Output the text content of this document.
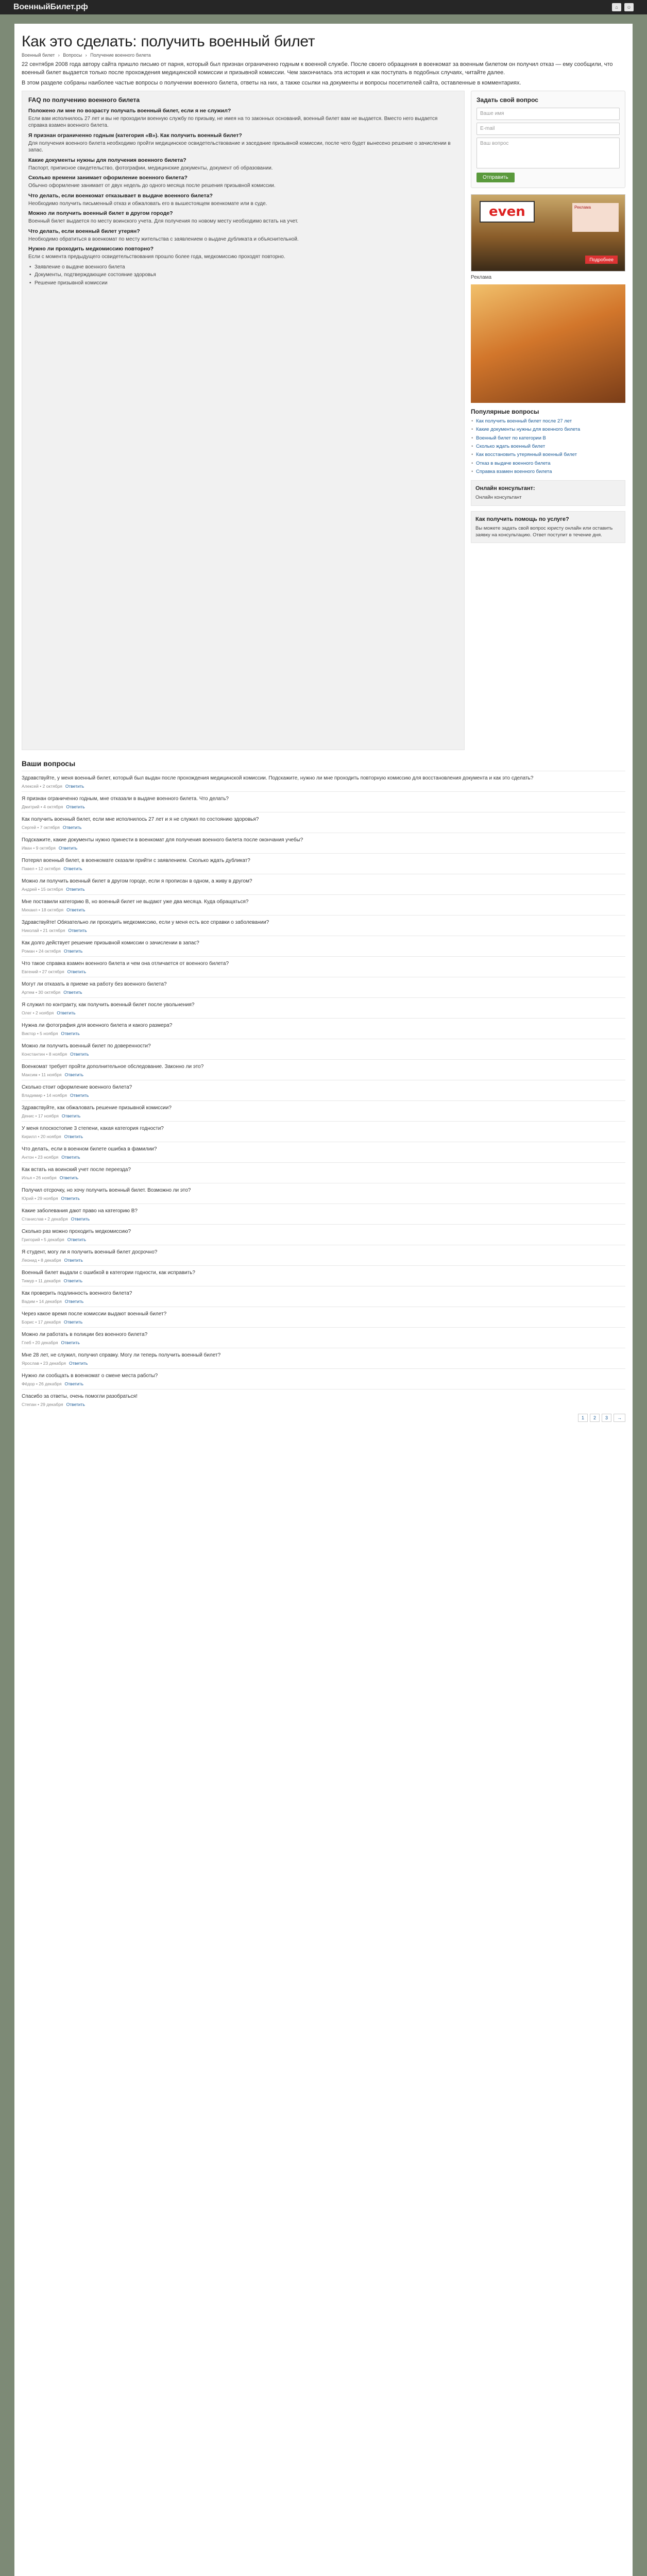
ВоенныйБилет.рф	⌂	☺
Как это сделать: получить военный билет
Военный билет › Вопросы › Получение военного билета

22 сентября 2008 года автору сайта пришло письмо от парня, который был признан ограниченно годным к военной службе. После своего обращения в военкомат за военным билетом он получил отказ — ему сообщили, что военный билет выдается только после прохождения медицинской комиссии и призывной комиссии. Чем закончилась эта история и как поступать в подобных случаях, читайте далее.

В этом разделе собраны наиболее частые вопросы о получении военного билета, ответы на них, а также ссылки на документы и вопросы посетителей сайта, оставленные в комментариях.

FAQ по получению военного билета
Положено ли мне по возрасту получать военный билет, если я не служил?
Если вам исполнилось 27 лет и вы не проходили военную службу по призыву, не имея на то законных оснований, военный билет вам не выдается. Вместо него выдается справка взамен военного билета.
Я признан ограниченно годным (категория «В»). Как получить военный билет?
Для получения военного билета необходимо пройти медицинское освидетельствование и заседание призывной комиссии, после чего будет вынесено решение о зачислении в запас.
Какие документы нужны для получения военного билета?
Паспорт, приписное свидетельство, фотографии, медицинские документы, документ об образовании.
Сколько времени занимает оформление военного билета?
Обычно оформление занимает от двух недель до одного месяца после решения призывной комиссии.
Что делать, если военкомат отказывает в выдаче военного билета?
Необходимо получить письменный отказ и обжаловать его в вышестоящем военкомате или в суде.
Можно ли получить военный билет в другом городе?
Военный билет выдается по месту воинского учета. Для получения по новому месту необходимо встать на учет.
Что делать, если военный билет утерян?
Необходимо обратиться в военкомат по месту жительства с заявлением о выдаче дубликата и объяснительной.
Нужно ли проходить медкомиссию повторно?
Если с момента предыдущего освидетельствования прошло более года, медкомиссию проходят повторно.
• Заявление о выдаче военного билета
• Документы, подтверждающие состояние здоровья
• Решение призывной комиссии
Задать свой вопрос
Ваше имя
E-mail
Ваш вопрос
Отправить
even	Реклама
Подробнее
Реклама
Популярные вопросы
• Как получить военный билет после 27 лет
• Какие документы нужны для военного билета
• Военный билет по категории В
• Сколько ждать военный билет
• Как восстановить утерянный военный билет
• Отказ в выдаче военного билета
• Справка взамен военного билета
Онлайн консультант:
Онлайн консультант
Как получить помощь по услуге?
Вы можете задать свой вопрос юристу онлайн или оставить заявку на консультацию. Ответ поступит в течение дня.
Ваши вопросы
Здравствуйте, у меня военный билет, который был выдан после прохождения медицинской комиссии. Подскажите, нужно ли мне проходить повторную комиссию для восстановления документа и как это сделать?
Алексей • 2 октября Ответить
Я признан ограниченно годным, мне отказали в выдаче военного билета. Что делать?
Дмитрий • 4 октября Ответить
Как получить военный билет, если мне исполнилось 27 лет и я не служил по состоянию здоровья?
Сергей • 7 октября Ответить
Подскажите, какие документы нужно принести в военкомат для получения военного билета после окончания учебы?
Иван • 9 октября Ответить
Потерял военный билет, в военкомате сказали прийти с заявлением. Сколько ждать дубликат?
Павел • 12 октября Ответить
Можно ли получить военный билет в другом городе, если я прописан в одном, а живу в другом?
Андрей • 15 октября Ответить
Мне поставили категорию В, но военный билет не выдают уже два месяца. Куда обращаться?
Михаил • 18 октября Ответить
Здравствуйте! Обязательно ли проходить медкомиссию, если у меня есть все справки о заболевании?
Николай • 21 октября Ответить
Как долго действует решение призывной комиссии о зачислении в запас?
Роман • 24 октября Ответить
Что такое справка взамен военного билета и чем она отличается от военного билета?
Евгений • 27 октября Ответить
Могут ли отказать в приеме на работу без военного билета?
Артем • 30 октября Ответить
Я служил по контракту, как получить военный билет после увольнения?
Олег • 2 ноября Ответить
Нужна ли фотография для военного билета и какого размера?
Виктор • 5 ноября Ответить
Можно ли получить военный билет по доверенности?
Константин • 8 ноября Ответить
Военкомат требует пройти дополнительное обследование. Законно ли это?
Максим • 11 ноября Ответить
Сколько стоит оформление военного билета?
Владимир • 14 ноября Ответить
Здравствуйте, как обжаловать решение призывной комиссии?
Денис • 17 ноября Ответить
У меня плоскостопие 3 степени, какая категория годности?
Кирилл • 20 ноября Ответить
Что делать, если в военном билете ошибка в фамилии?
Антон • 23 ноября Ответить
Как встать на воинский учет после переезда?
Илья • 26 ноября Ответить
Получил отсрочку, но хочу получить военный билет. Возможно ли это?
Юрий • 29 ноября Ответить
Какие заболевания дают право на категорию В?
Станислав • 2 декабря Ответить
Сколько раз можно проходить медкомиссию?
Григорий • 5 декабря Ответить
Я студент, могу ли я получить военный билет досрочно?
Леонид • 8 декабря Ответить
Военный билет выдали с ошибкой в категории годности, как исправить?
Тимур • 11 декабря Ответить
Как проверить подлинность военного билета?
Вадим • 14 декабря Ответить
Через какое время после комиссии выдают военный билет?
Борис • 17 декабря Ответить
Можно ли работать в полиции без военного билета?
Глеб • 20 декабря Ответить
Мне 28 лет, не служил, получил справку. Могу ли теперь получить военный билет?
Ярослав • 23 декабря Ответить
Нужно ли сообщать в военкомат о смене места работы?
Фёдор • 26 декабря Ответить
Спасибо за ответы, очень помогли разобраться!
Степан • 29 декабря Ответить
1	2	3	→
